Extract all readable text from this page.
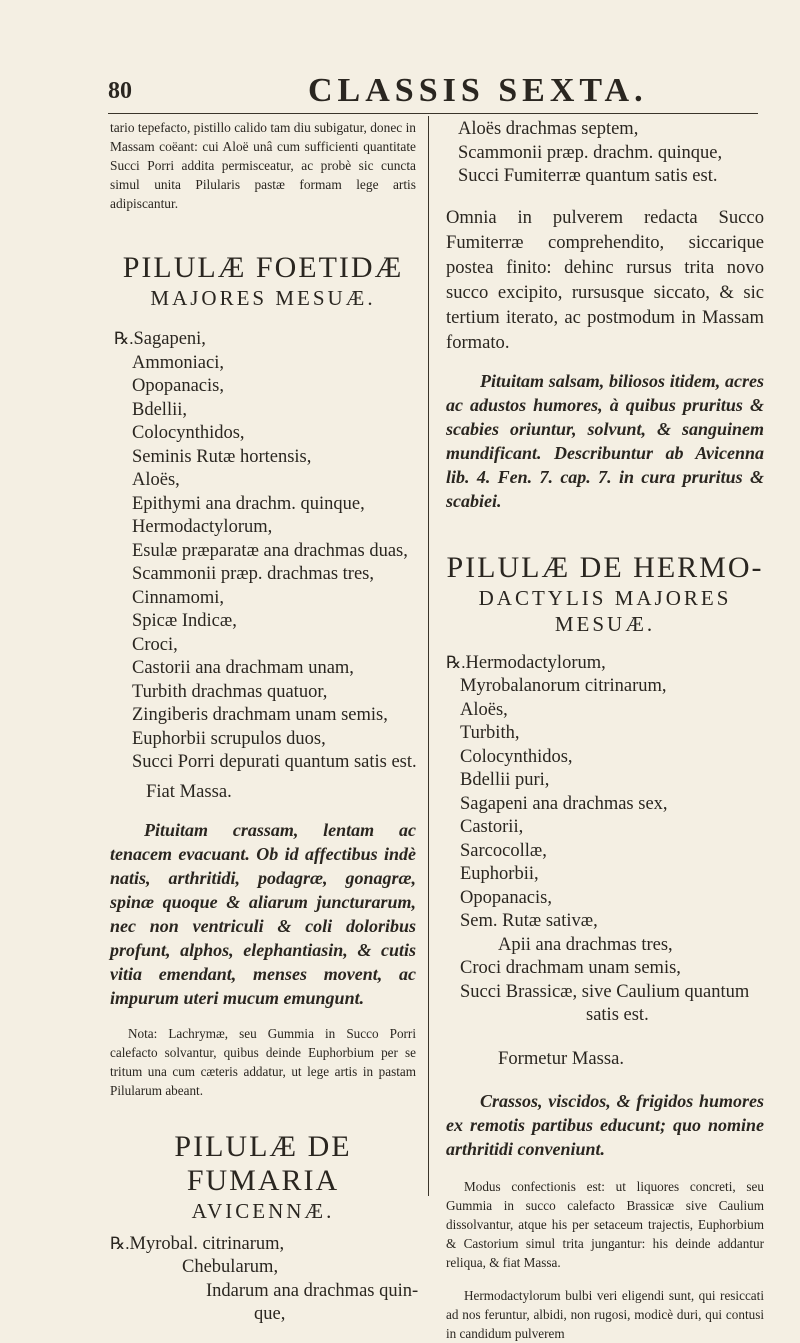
80	CLASSIS SEXTA.

tario tepefacto, pistillo calido tam diu subigatur, donec in Massam coëant: cui Aloë unâ cum sufficienti quantitate Succi Porri addita permisceatur, ac probè sic cuncta simul unita Pilularis pastæ formam lege artis adipiscantur.

PILULÆ FOETIDÆ

MAJORES MESUÆ.

℞.Sagapeni,
Ammoniaci,
Opopanacis,
Bdellii,
Colocynthidos,
Seminis Rutæ hortensis,
Aloës,
Epithymi ana drachm. quinque,
Hermodactylorum,
Esulæ præparatæ ana drachmas duas,
Scammonii præp. drachmas tres,
Cinnamomi,
Spicæ Indicæ,
Croci,
Castorii ana drachmam unam,
Turbith drachmas quatuor,
Zingiberis drachmam unam semis,
Euphorbii scrupulos duos,
Succi Porri depurati quantum satis est.

Fiat Massa.

Pituitam crassam, lentam ac tenacem evacuant. Ob id affectibus indè natis, arthritidi, podagræ, gonagræ, spinæ quoque & aliarum juncturarum, nec non ventriculi & coli doloribus profunt, alphos, elephantiasin, & cutis vitia emendant, menses movent, ac impurum uteri mucum emungunt.

Nota: Lachrymæ, seu Gummia in Succo Porri calefacto solvantur, quibus deinde Euphorbium per se tritum una cum cæteris addatur, ut lege artis in pastam Pilularum abeant.

PILULÆ DE FUMARIA

AVICENNÆ.

℞.Myrobal. citrinarum,
Chebularum,
Indarum ana drachmas quin-
que,
Aloës drachmas septem,
Scammonii præp. drachm. quinque,
Succi Fumiterræ quantum satis est.

Omnia in pulverem redacta Succo Fumiterræ comprehendito, siccarique postea finito: dehinc rursus trita novo succo excipito, rursusque siccato, & sic tertium iterato, ac postmodum in Massam formato.

Pituitam salsam, biliosos itidem, acres ac adustos humores, à quibus pruritus & scabies oriuntur, solvunt, & sanguinem mundificant. Describuntur ab Avicenna lib. 4. Fen. 7. cap. 7. in cura pruritus & scabiei.

PILULÆ DE HERMO-

DACTYLIS MAJORES

MESUÆ.

℞.Hermodactylorum,
Myrobalanorum citrinarum,
Aloës,
Turbith,
Colocynthidos,
Bdellii puri,
Sagapeni ana drachmas sex,
Castorii,
Sarcocollæ,
Euphorbii,
Opopanacis,
Sem. Rutæ sativæ,
Apii ana drachmas tres,
Croci drachmam unam semis,
Succi Brassicæ, sive Caulium quantum
satis est.

Formetur Massa.

Crassos, viscidos, & frigidos humores ex remotis partibus educunt; quo nomine arthritidi conveniunt.

Modus confectionis est: ut liquores concreti, seu Gummia in succo calefacto Brassicæ sive Caulium dissolvantur, atque his per setaceum trajectis, Euphorbium & Castorium simul trita jungantur: his deinde addantur reliqua, & fiat Massa.

Hermodactylorum bulbi veri eligendi sunt, qui resiccati ad nos feruntur, albidi, non rugosi, modicè duri, qui contusi in candidum pulverem
